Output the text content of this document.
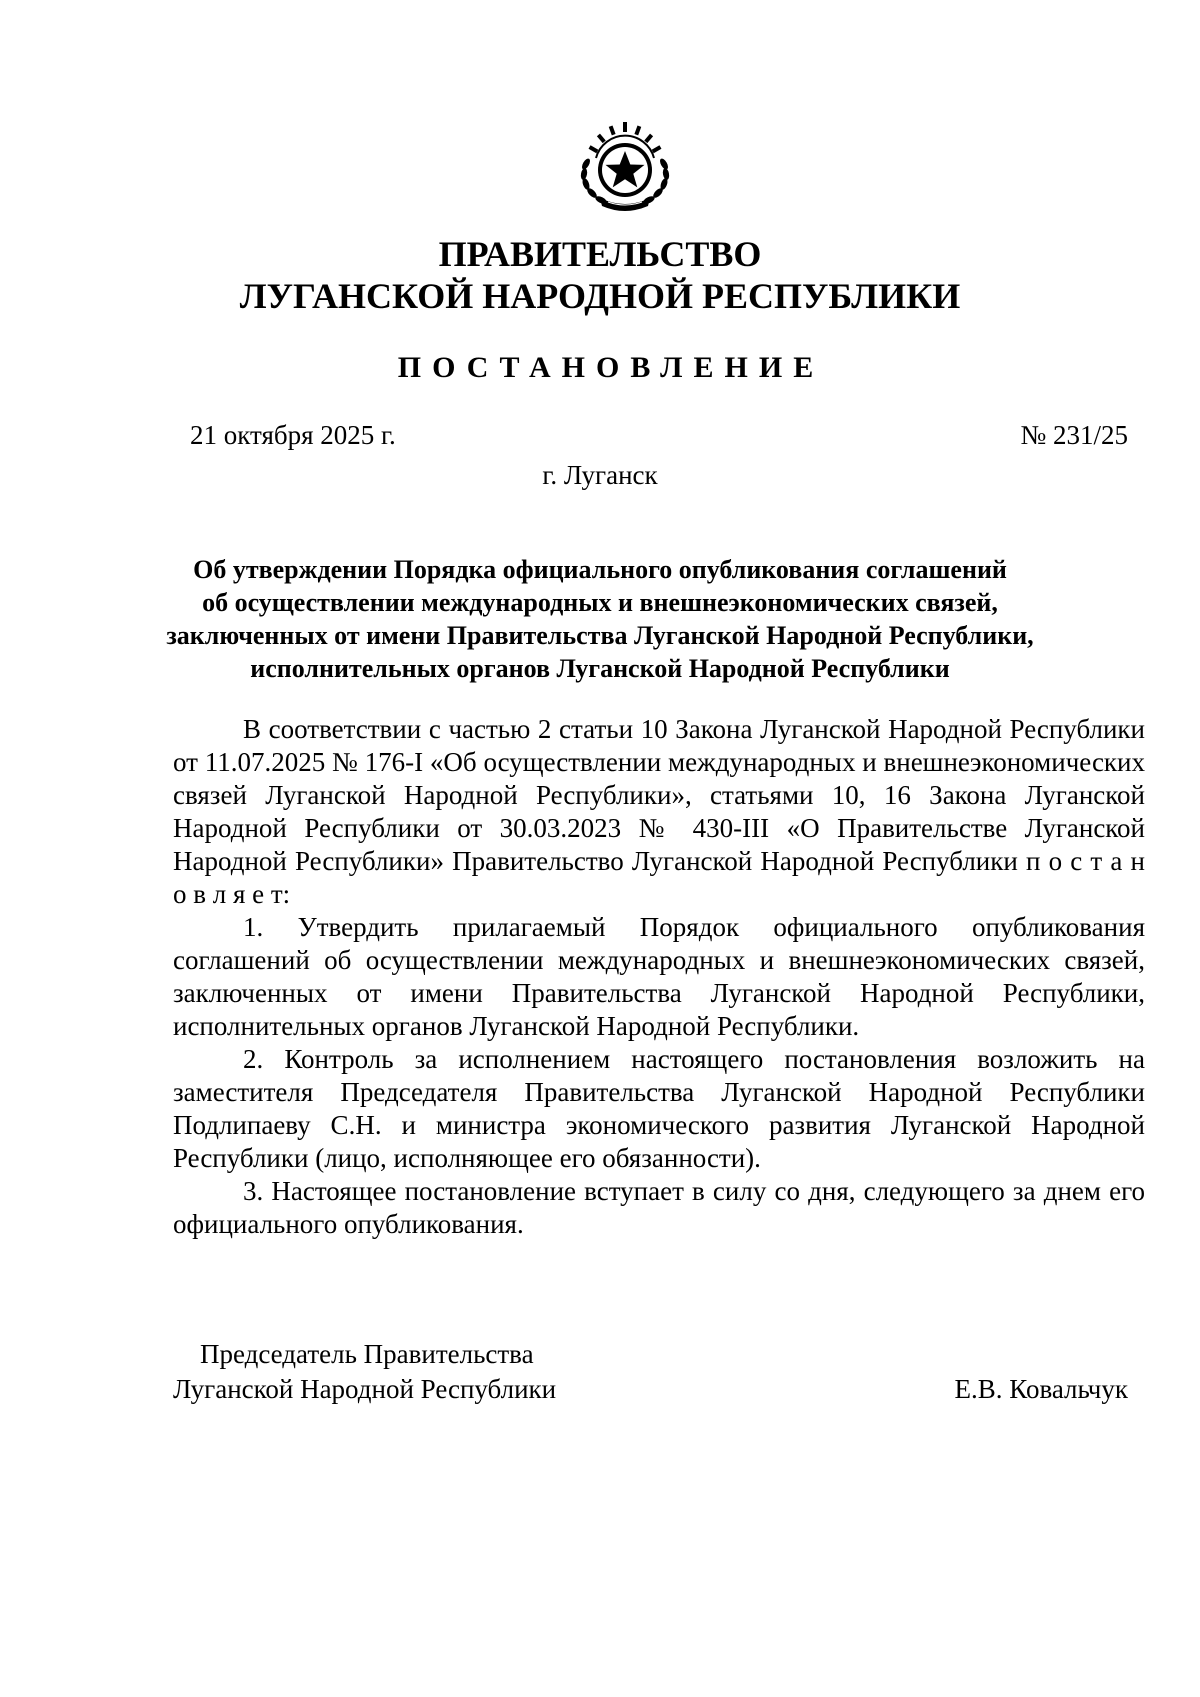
ПРАВИТЕЛЬСТВО
ЛУГАНСКОЙ НАРОДНОЙ РЕСПУБЛИКИ
ПОСТАНОВЛЕНИЕ
21 октября 2025 г.	№ 231/25
г. Луганск
Об утверждении Порядка официального опубликования соглашений
об осуществлении международных и внешнеэкономических связей,
заключенных от имени Правительства Луганской Народной Республики,
исполнительных органов Луганской Народной Республики

В соответствии с частью 2 статьи 10 Закона Луганской Народной Республики от 11.07.2025 № 176-I «Об осуществлении международных и внешнеэкономических связей Луганской Народной Республики», статьями 10, 16 Закона Луганской Народной Республики от 30.03.2023 № 430-III «О Правительстве Луганской Народной Республики» Правительство Луганской Народной Республики п о с т а н о в л я е т:

1. Утвердить прилагаемый Порядок официального опубликования соглашений об осуществлении международных и внешнеэкономических связей, заключенных от имени Правительства Луганской Народной Республики, исполнительных органов Луганской Народной Республики.

2. Контроль за исполнением настоящего постановления возложить на заместителя Председателя Правительства Луганской Народной Республики Подлипаеву С.Н. и министра экономического развития Луганской Народной Республики (лицо, исполняющее его обязанности).

3. Настоящее постановление вступает в силу со дня, следующего за днем его официального опубликования.

Председатель Правительства
Луганской Народной Республики	Е.В. Ковальчук
